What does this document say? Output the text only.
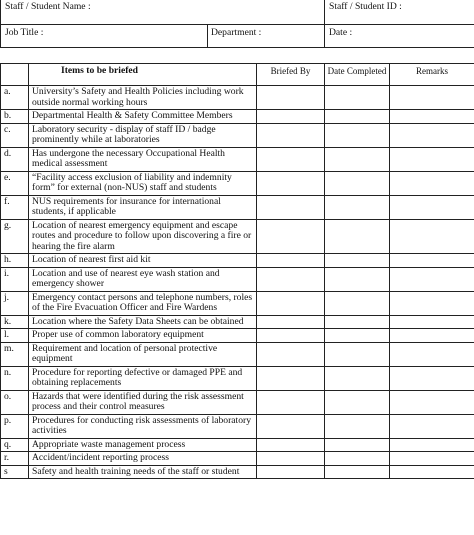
Staff / Student Name :	Staff / Student ID :
Job Title :	Department :	Date :
	Items to be briefed	Briefed By	Date Completed	Remarks
a.	University’s Safety and Health Policies including work outside normal working hours			
b.	Departmental Health & Safety Committee Members			
c.	Laboratory security - display of staff ID / badge prominently while at laboratories			
d.	Has undergone the necessary Occupational Health medical assessment			
e.	“Facility access exclusion of liability and indemnity form” for external (non-NUS) staff and students			
f.	NUS requirements for insurance for international students, if applicable			
g.	Location of nearest emergency equipment and escape routes and procedure to follow upon discovering a fire or hearing the fire alarm			
h.	Location of nearest first aid kit			
i.	Location and use of nearest eye wash station and emergency shower			
j.	Emergency contact persons and telephone numbers, roles of the Fire Evacuation Officer and Fire Wardens			
k.	Location where the Safety Data Sheets can be obtained			
l.	Proper use of common laboratory equipment			
m.	Requirement and location of personal protective equipment			
n.	Procedure for reporting defective or damaged PPE and obtaining replacements			
o.	Hazards that were identified during the risk assessment process and their control measures			
p.	Procedures for conducting risk assessments of laboratory activities			
q.	Appropriate waste management process			
r.	Accident/incident reporting process			
s	Safety and health training needs of the staff or student			
